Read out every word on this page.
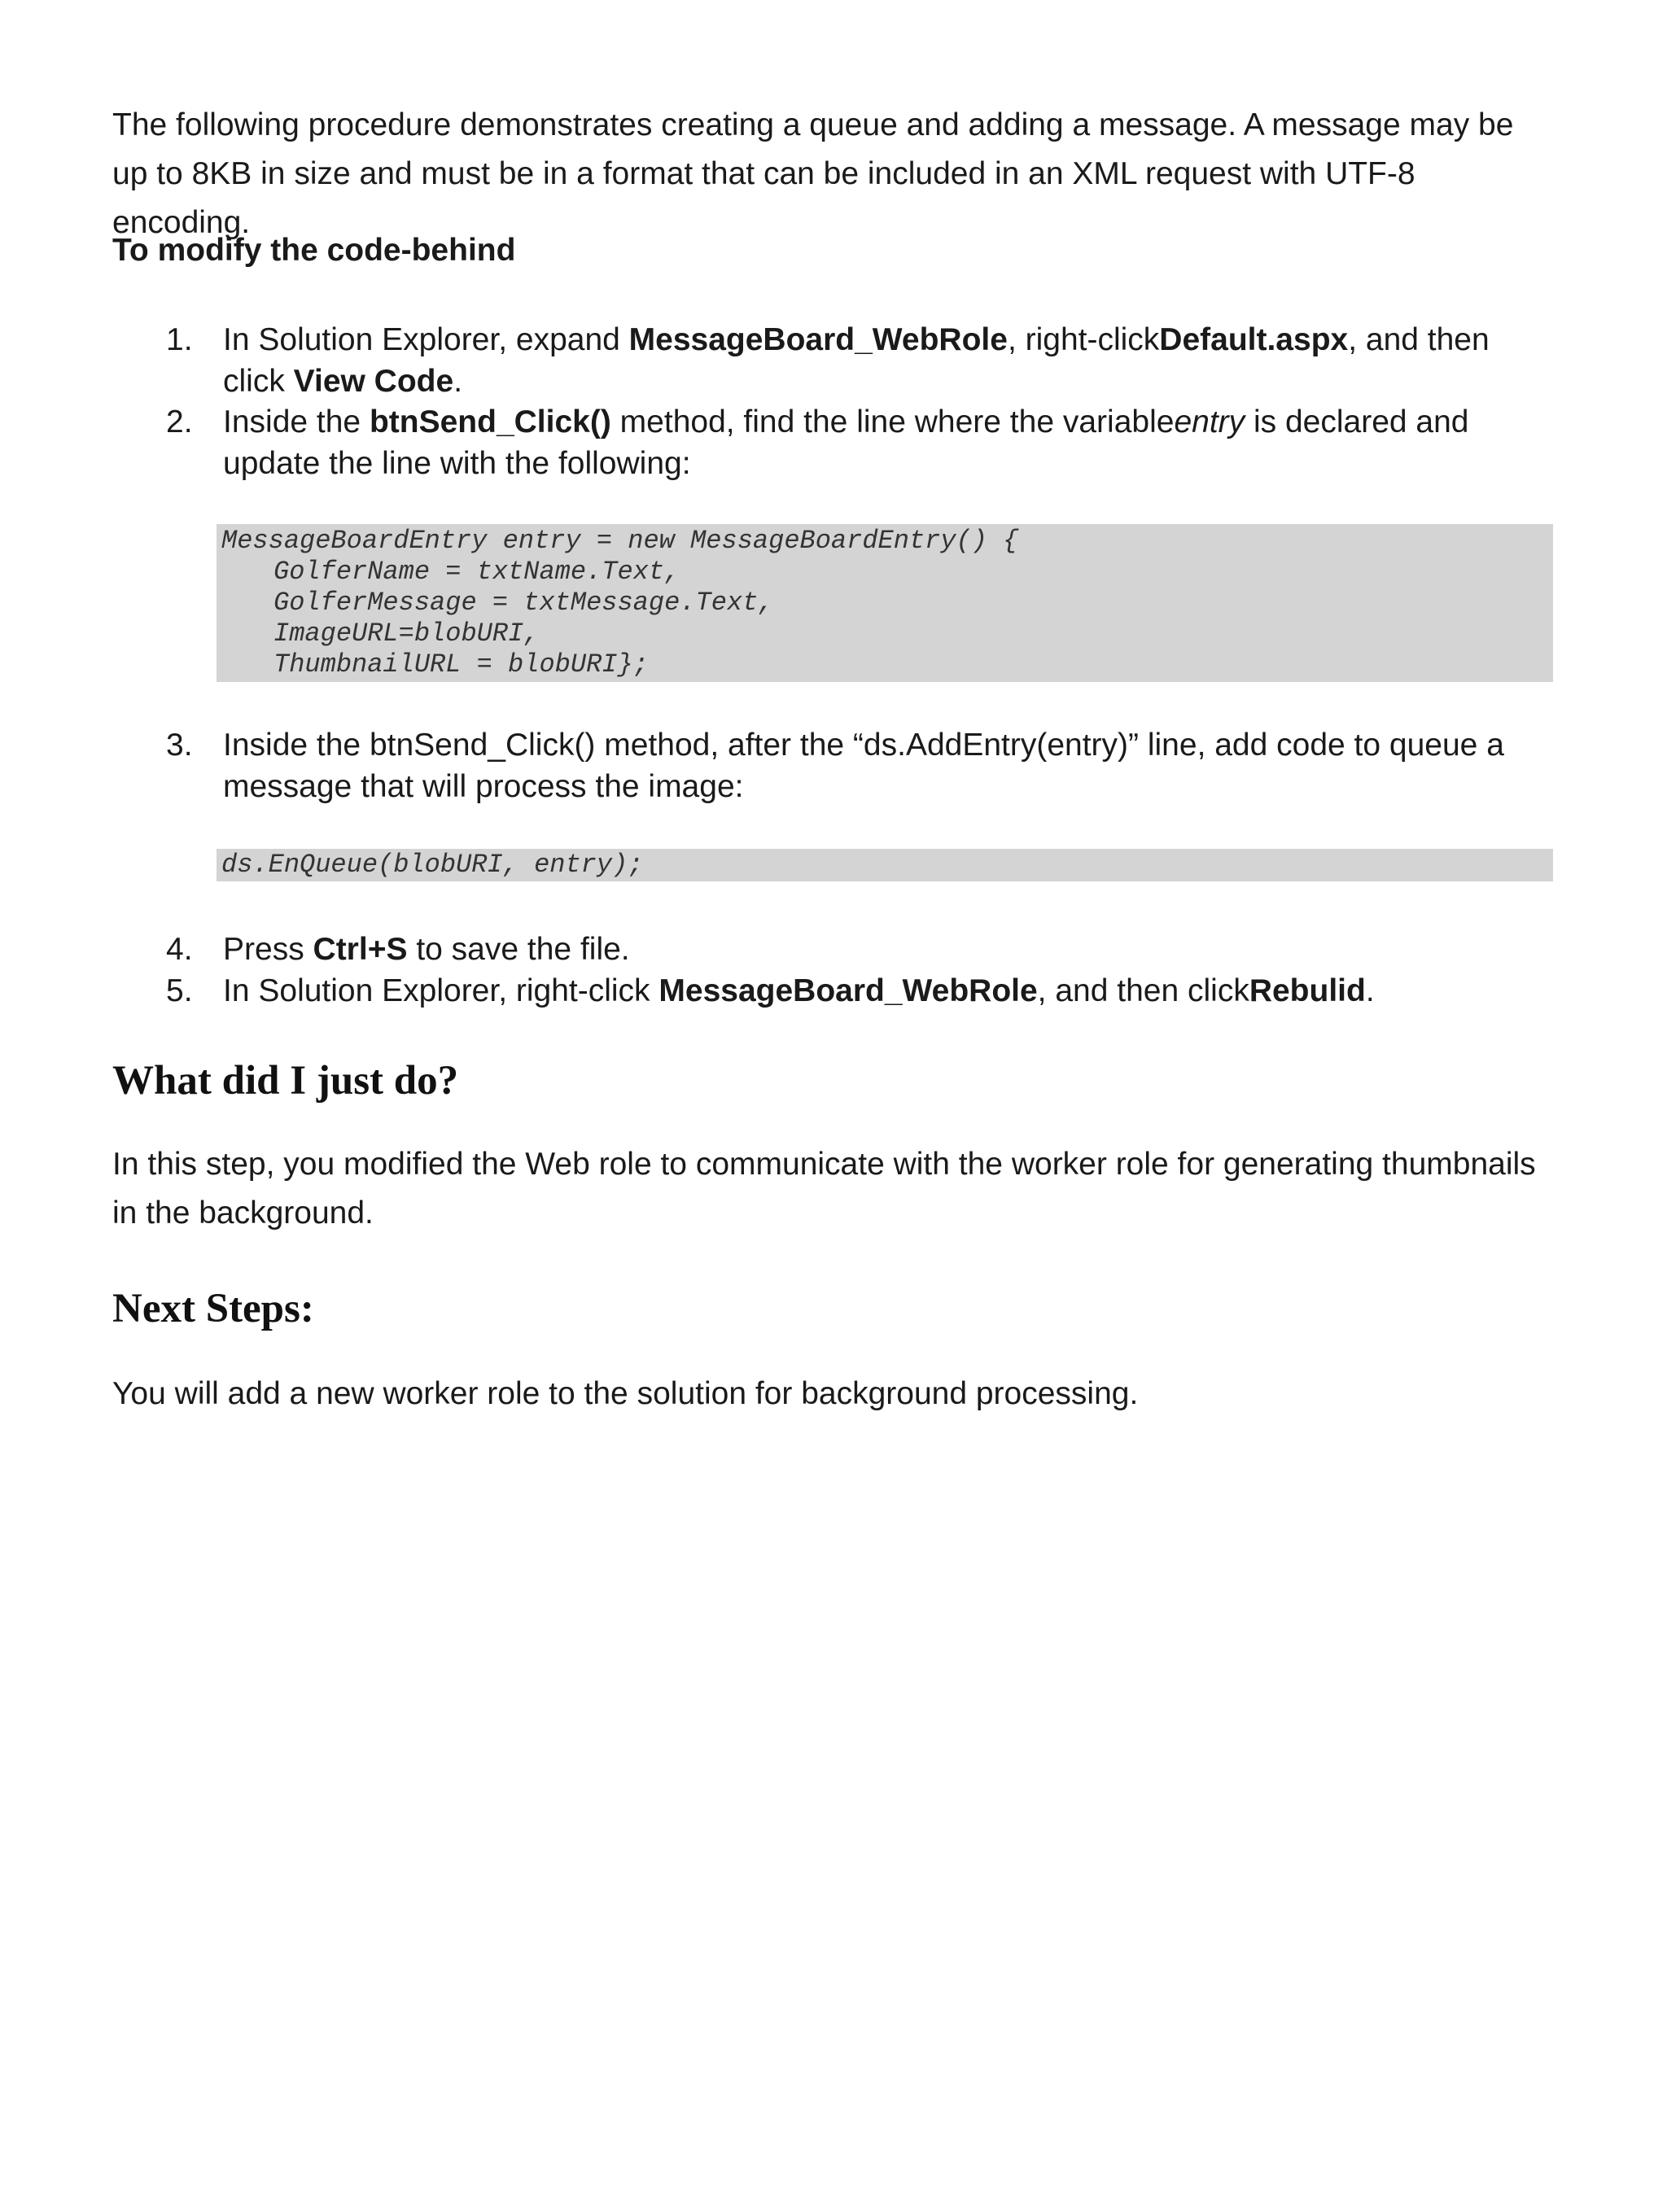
The following procedure demonstrates creating a queue and adding a message. A message may be up to 8KB in size and must be in a format that can be included in an XML request with UTF-8 encoding.

To modify the code-behind

1. In Solution Explorer, expand MessageBoard_WebRole, right-clickDefault.aspx, and then click View Code.
2. Inside the btnSend_Click() method, find the line where the variableentry is declared and update the line with the following:
MessageBoardEntry entry = new MessageBoardEntry() {
GolferName = txtName.Text,
GolferMessage = txtMessage.Text,
ImageURL=blobURI,
ThumbnailURL = blobURI};
3. Inside the btnSend_Click() method, after the “ds.AddEntry(entry)” line, add code to queue a message that will process the image:
ds.EnQueue(blobURI, entry);
4. Press Ctrl+S to save the file.
5. In Solution Explorer, right-click MessageBoard_WebRole, and then clickRebulid.
What did I just do?

In this step, you modified the Web role to communicate with the worker role for generating thumbnails in the background.

Next Steps:

You will add a new worker role to the solution for background processing.
